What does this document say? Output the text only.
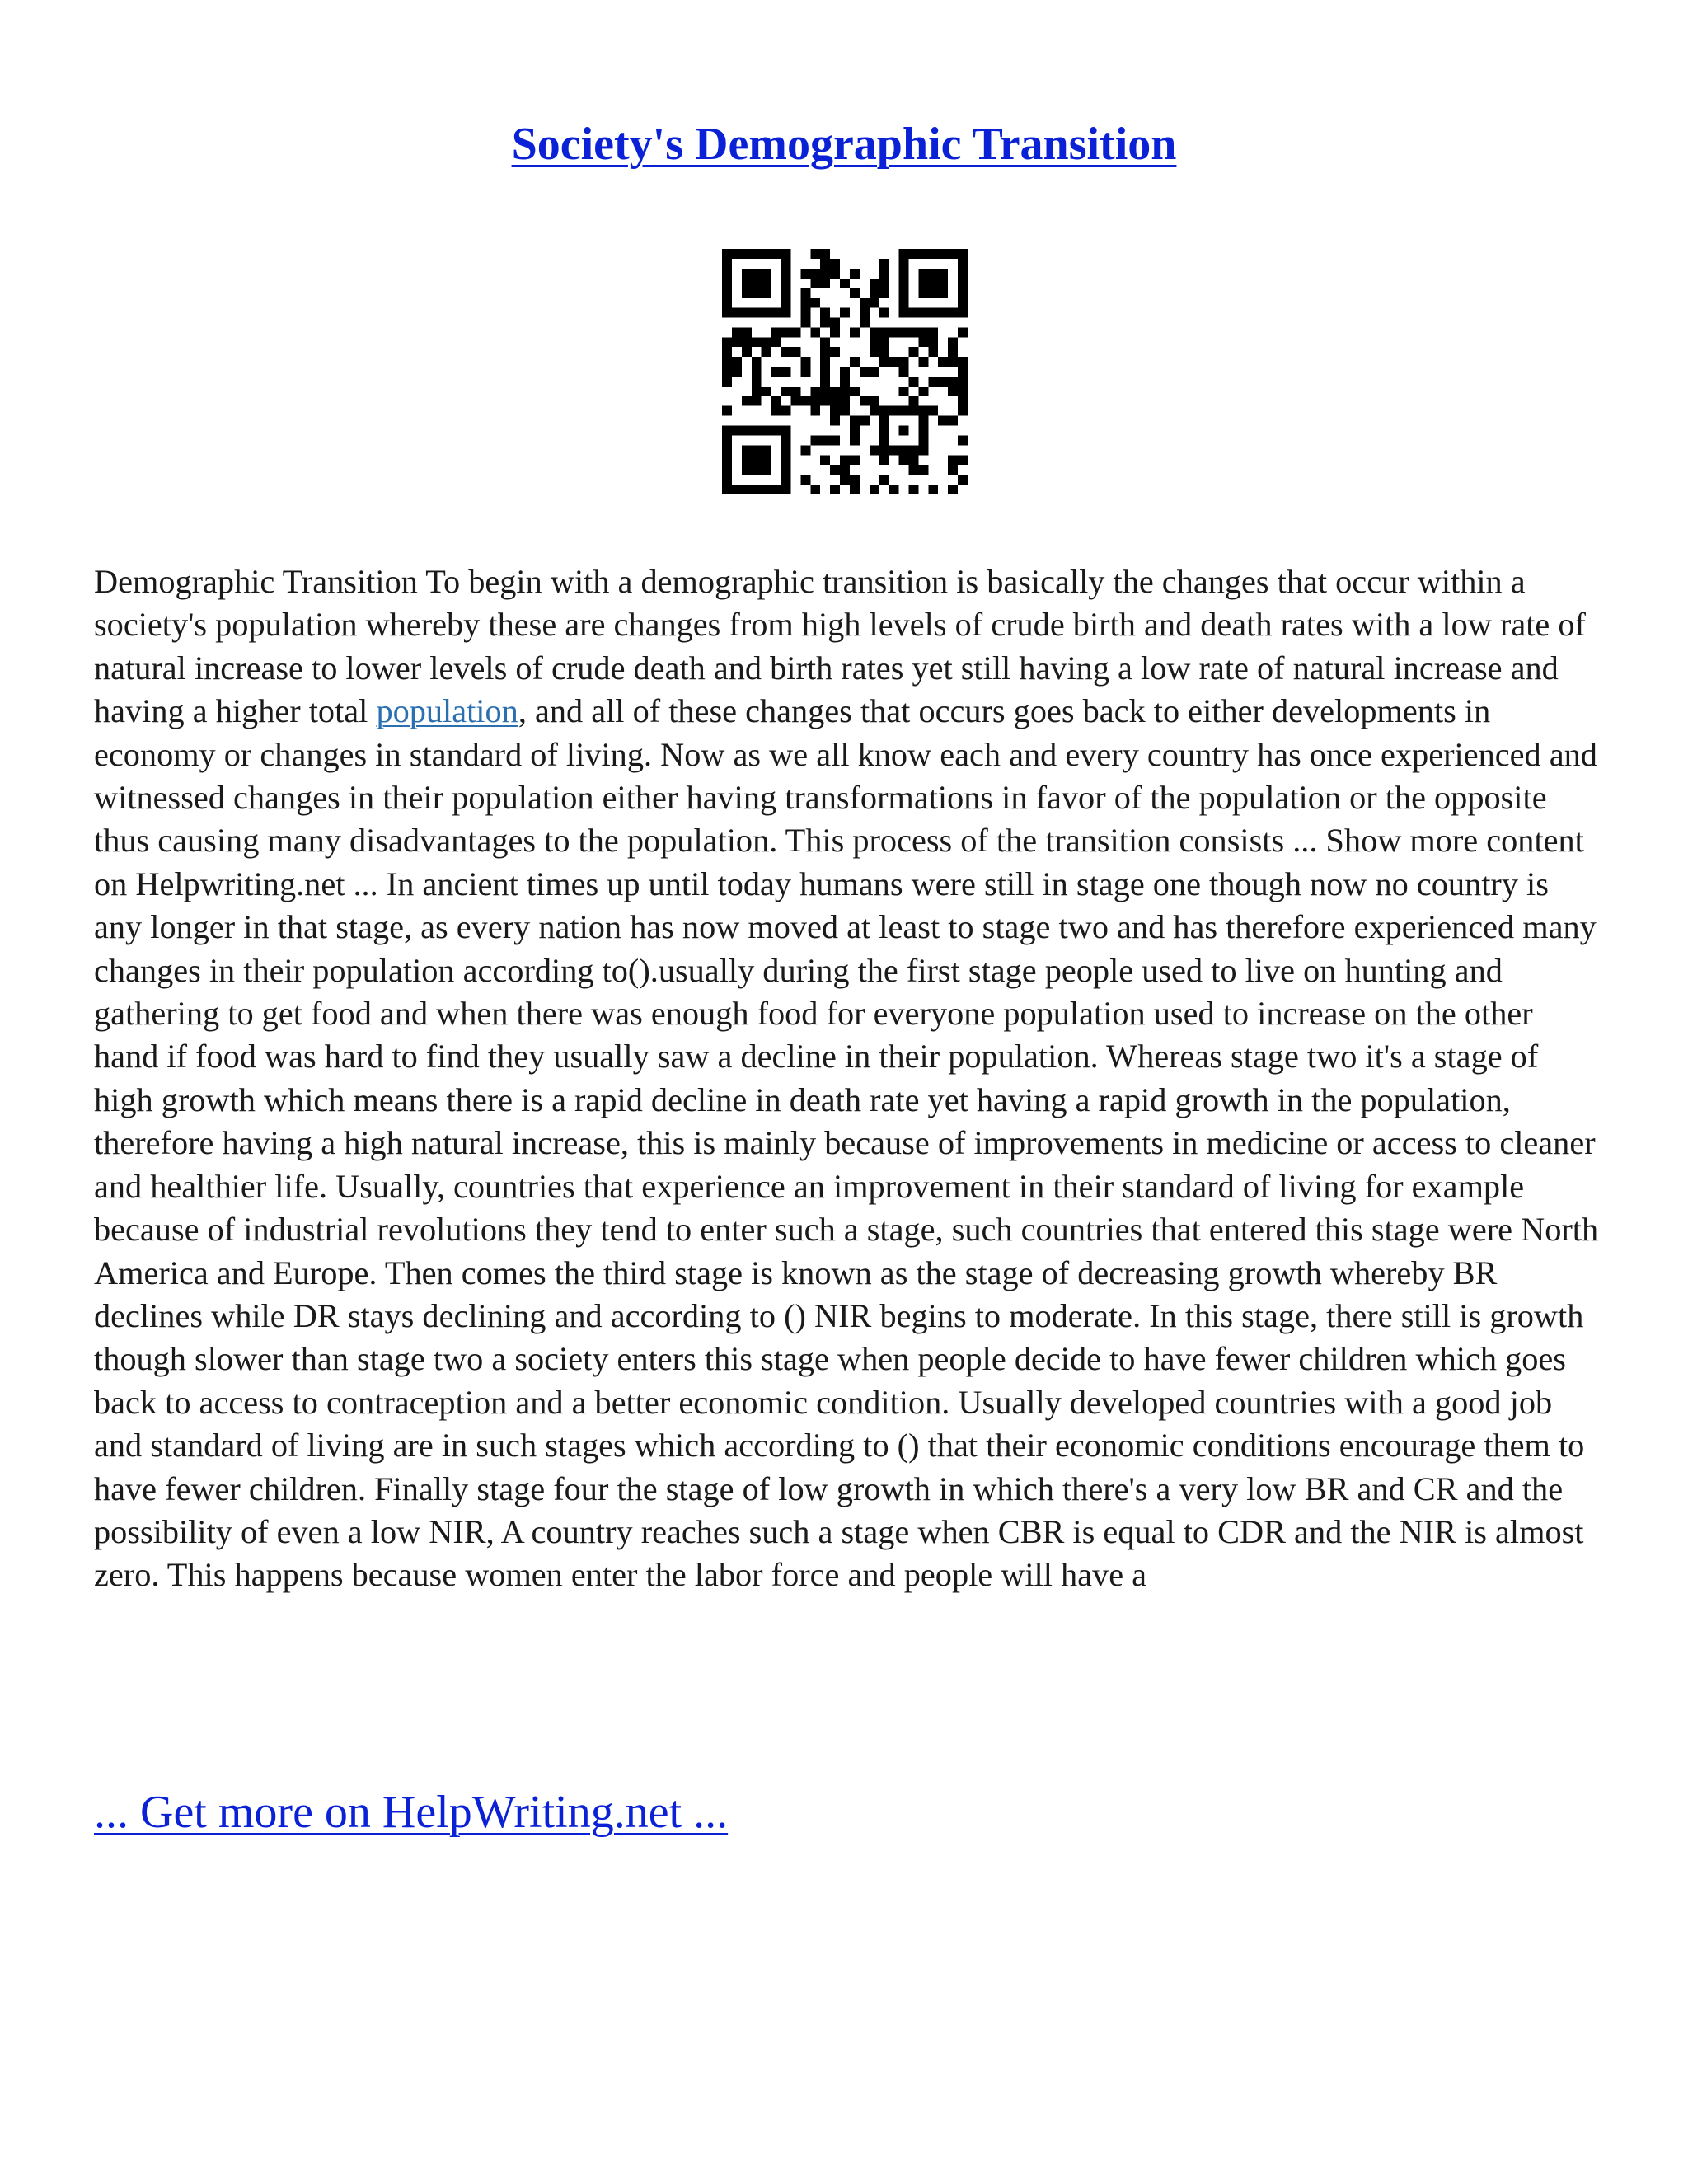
Society's Demographic Transition

Demographic Transition To begin with a demographic transition is basically the changes that occur within a society's population whereby these are changes from high levels of crude birth and death rates with a low rate of natural increase to lower levels of crude death and birth rates yet still having a low rate of natural increase and having a higher total population, and all of these changes that occurs goes back to either developments in economy or changes in standard of living. Now as we all know each and every country has once experienced and witnessed changes in their population either having transformations in favor of the population or the opposite thus causing many disadvantages to the population. This process of the transition consists ... Show more content on Helpwriting.net ... In ancient times up until today humans were still in stage one though now no country is any longer in that stage, as every nation has now moved at least to stage two and has therefore experienced many changes in their population according to().usually during the first stage people used to live on hunting and gathering to get food and when there was enough food for everyone population used to increase on the other hand if food was hard to find they usually saw a decline in their population. Whereas stage two it's a stage of high growth which means there is a rapid decline in death rate yet having a rapid growth in the population, therefore having a high natural increase, this is mainly because of improvements in medicine or access to cleaner and healthier life. Usually, countries that experience an improvement in their standard of living for example because of industrial revolutions they tend to enter such a stage, such countries that entered this stage were North America and Europe. Then comes the third stage is known as the stage of decreasing growth whereby BR declines while DR stays declining and according to () NIR begins to moderate. In this stage, there still is growth though slower than stage two a society enters this stage when people decide to have fewer children which goes back to access to contraception and a better economic condition. Usually developed countries with a good job and standard of living are in such stages which according to () that their economic conditions encourage them to have fewer children. Finally stage four the stage of low growth in which there's a very low BR and CR and the possibility of even a low NIR, A country reaches such a stage when CBR is equal to CDR and the NIR is almost zero. This happens because women enter the labor force and people will have a

... Get more on HelpWriting.net ...
